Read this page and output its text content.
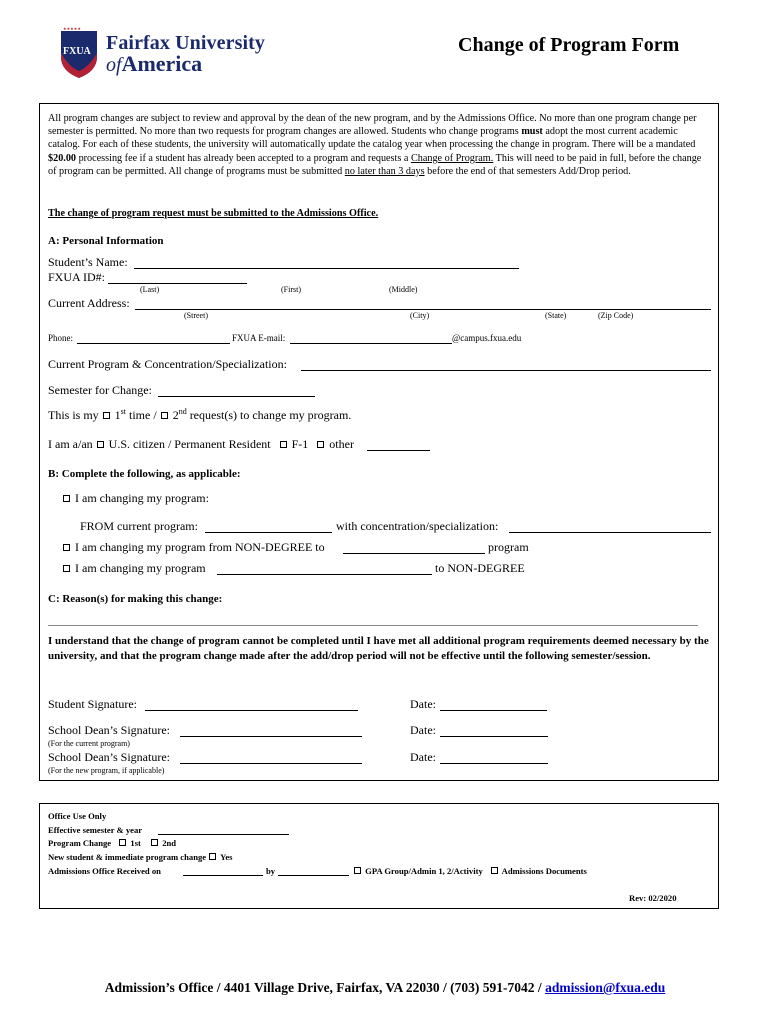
★★★★★
FXUA Fairfax University
ofAmerica
Change of Program Form

All program changes are subject to review and approval by the dean of the new program, and by the Admissions Office. No more than one program change per semester is permitted. No more than two requests for program changes are allowed. Students who change programs must adopt the most current academic catalog. For each of these students, the university will automatically update the catalog year when processing the change in program. There will be a mandated $20.00 processing fee if a student has already been accepted to a program and requests a Change of Program. This will need to be paid in full, before the change of program can be permitted. All change of programs must be submitted no later than 3 days before the end of that semesters Add/Drop period.

The change of program request must be submitted to the Admissions Office.
A: Personal Information
Student’s Name:
FXUA ID#:
(Last)	(First)	(Middle)
Current Address:
(Street)	(City)	(State)	(Zip Code)
Phone:	FXUA E-mail:	@campus.fxua.edu
Current Program & Concentration/Specialization:
Semester for Change:
This is my 1st time / 2nd request(s) to change my program.
I am a/an U.S. citizen / Permanent Resident F-1 other
B: Complete the following, as applicable:
I am changing my program:
FROM current program:	with concentration/specialization:
I am changing my program from NON-DEGREE to	program
I am changing my program	to NON-DEGREE
C: Reason(s) for making this change:
I understand that the change of program cannot be completed until I have met all additional program requirements deemed necessary by the university, and that the program change made after the add/drop period will not be effective until the following semester/session.
Student Signature:	Date:
School Dean’s Signature:	Date:
(For the current program)
School Dean’s Signature:	Date:
(For the new program, if applicable)
Office Use Only
Effective semester & year
Program Change 1st 2nd
New student & immediate program change Yes
Admissions Office Received on	by	GPA Group/Admin 1, 2/Activity Admissions Documents
Rev: 02/2020
Admission’s Office / 4401 Village Drive, Fairfax, VA 22030 / (703) 591-7042 / admission@fxua.edu
